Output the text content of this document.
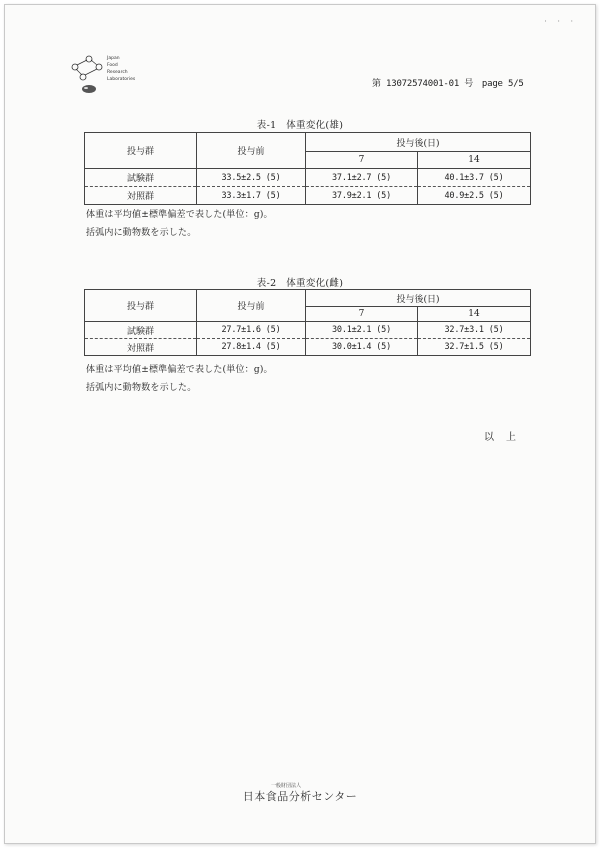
· · ·
Japan
Food
Research
Laboratories	第 13072574001-01 号　page 5/5
表-1　体重変化(雄)
投与群	投与前	投与後(日)	
		7	14
試験群	33.5±2.5 (5)	37.1±2.7 (5)	40.1±3.7 (5)
対照群	33.3±1.7 (5)	37.9±2.1 (5)	40.9±2.5 (5)
体重は平均値±標準偏差で表した(単位：g)。
括弧内に動物数を示した。
表-2　体重変化(雌)
投与群	投与前	投与後(日)	
		7	14
試験群	27.7±1.6 (5)	30.1±2.1 (5)	32.7±3.1 (5)
対照群	27.8±1.4 (5)	30.0±1.4 (5)	32.7±1.5 (5)
体重は平均値±標準偏差で表した(単位：g)。
括弧内に動物数を示した。
以上
一般財団法人
日本食品分析センター
